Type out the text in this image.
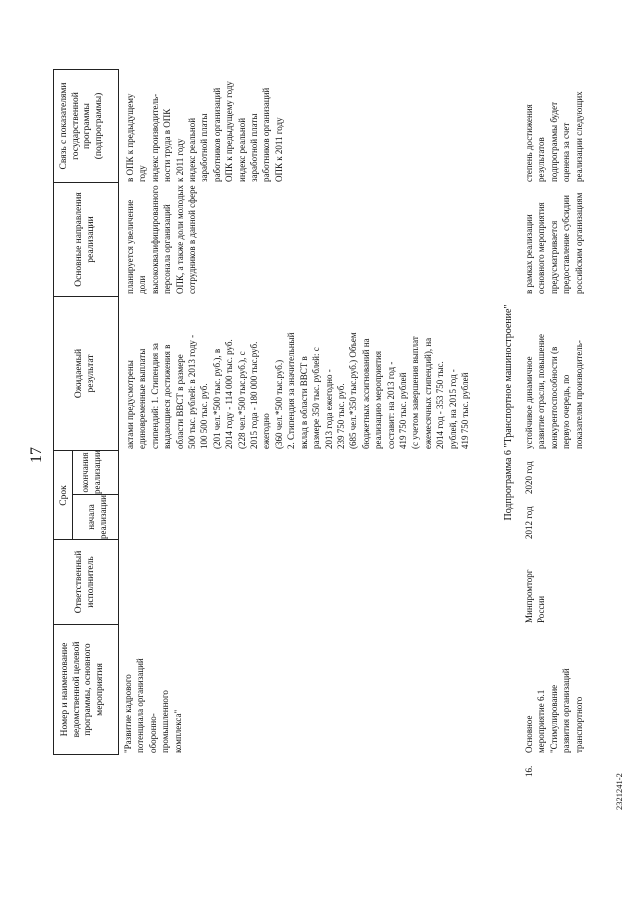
17
Номер и наименование
ведомственной целевой
программы, основного
мероприятия
Ответственный
исполнитель
Срок
начала
реализации
окончания
реализации
Ожидаемый
результат
Основные направления
реализации
Связь с показателями
государственной
программы
(подпрограммы)
"Развитие кадрового
потенциала организаций
оборонно-
промышленного
комплекса"
актами предусмотрены
единовременные выплаты
стипендий: 1. Стипендия за
выдающиеся достижения в
области ВВСТ в размере
500 тыс. рублей: в 2013 году -
100 500 тыс. руб.
(201 чел.*500 тыс. руб.), в
2014 году - 114 000 тыс. руб.
(228 чел.*500 тыс.руб.), с
2015 года - 180 000 тыс.руб.
ежегодно
(360 чел.*500 тыс.руб.)
2. Стипендия за значительный
вклад в области ВВСТ в
размере 350 тыс. рублей: с
2013 года ежегодно -
239 750 тыс. руб.
(685 чел.*350 тыс.руб.) Объем
бюджетных ассигнований на
реализацию мероприятия
составит: на 2013 год -
419 750 тыс. рублей
(с учетом завершения выплат
ежемесячных стипендий), на
2014 год - 353 750 тыс.
рублей, на 2015 год -
419 750 тыс. рублей
планируется увеличение
доли
высококвалифицированного
персонала организаций
ОПК, а также доли молодых
сотрудников в данной сфере
в ОПК к предыдущему
году
индекс производитель-
ности труда в ОПК
к 2011 году
индекс реальной
заработной платы
работников организаций
ОПК к предыдущему году
индекс реальной
заработной платы
работников организаций
ОПК к 2011 году
Подпрограмма 6 "Транспортное машиностроение"
16.
Основное
мероприятие 6.1
"Стимулирование
развития организаций
транспортного
Минпромторг
России
2012 год
2020 год
устойчивое динамичное
развитие отрасли, повышение
конкурентоспособности (в
первую очередь, по
показателям производитель-
в рамках реализации
основного мероприятия
предусматривается
предоставление субсидии
российским организациям
степень достижения
результатов
подпрограммы будет
оценена за счет
реализации следующих
2321241-2
